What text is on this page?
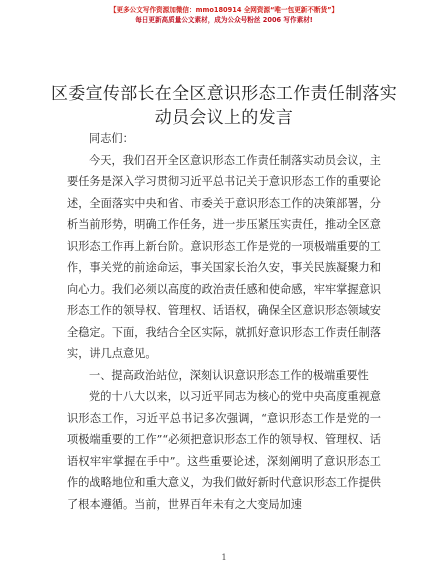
【更多公文写作资源加微信：mmo180914 全网资源“唯一包更新不断货”】
每日更新高质量公文素材，成为公众号粉丝 2006 写作素材!
区委宣传部长在全区意识形态工作责任制落实
动员会议上的发言

同志们：

今天，我们召开全区意识形态工作责任制落实动员会议，主要任务是深入学习贯彻习近平总书记关于意识形态工作的重要论述，全面落实中央和省、市委关于意识形态工作的决策部署，分析当前形势，明确工作任务，进一步压紧压实责任，推动全区意识形态工作再上新台阶。意识形态工作是党的一项极端重要的工作，事关党的前途命运，事关国家长治久安，事关民族凝聚力和向心力。我们必须以高度的政治责任感和使命感，牢牢掌握意识形态工作的领导权、管理权、话语权，确保全区意识形态领域安全稳定。下面，我结合全区实际，就抓好意识形态工作责任制落实，讲几点意见。

一、提高政治站位，深刻认识意识形态工作的极端重要性

党的十八大以来，以习近平同志为核心的党中央高度重视意识形态工作，习近平总书记多次强调，“意识形态工作是党的一项极端重要的工作”“必须把意识形态工作的领导权、管理权、话语权牢牢掌握在手中”。这些重要论述，深刻阐明了意识形态工作的战略地位和重大意义，为我们做好新时代意识形态工作提供了根本遵循。当前，世界百年未有之大变局加速

1
